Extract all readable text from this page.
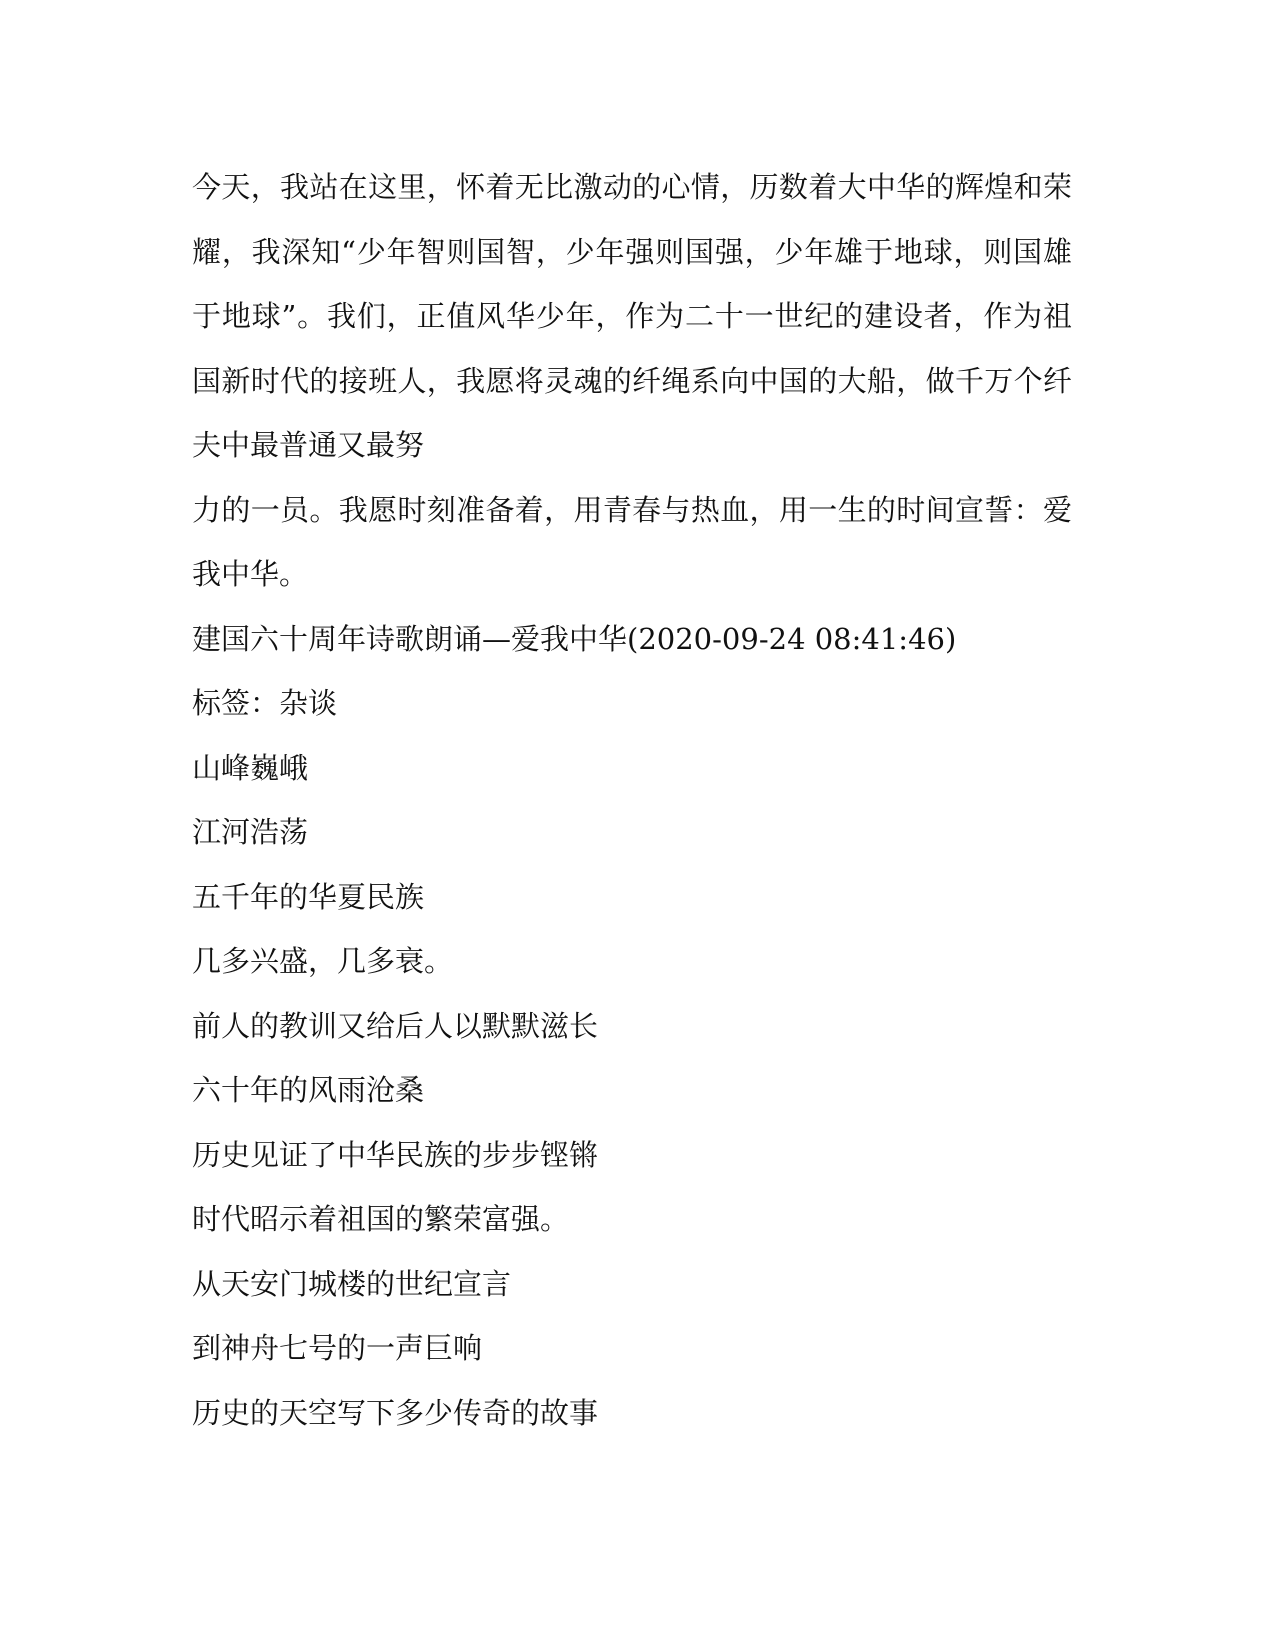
今天，我站在这里，怀着无比激动的心情，历数着大中华的辉煌和荣
耀，我深知“少年智则国智，少年强则国强，少年雄于地球，则国雄
于地球”。我们，正值风华少年，作为二十一世纪的建设者，作为祖
国新时代的接班人，我愿将灵魂的纤绳系向中国的大船，做千万个纤
夫中最普通又最努
力的一员。我愿时刻准备着，用青春与热血，用一生的时间宣誓：爱
我中华。
建国六十周年诗歌朗诵—爱我中华(2020-09-24 08:41:46)
标签：杂谈
山峰巍峨
江河浩荡
五千年的华夏民族
几多兴盛，几多衰。
前人的教训又给后人以默默滋长
六十年的风雨沧桑
历史见证了中华民族的步步铿锵
时代昭示着祖国的繁荣富强。
从天安门城楼的世纪宣言
到神舟七号的一声巨响
历史的天空写下多少传奇的故事
